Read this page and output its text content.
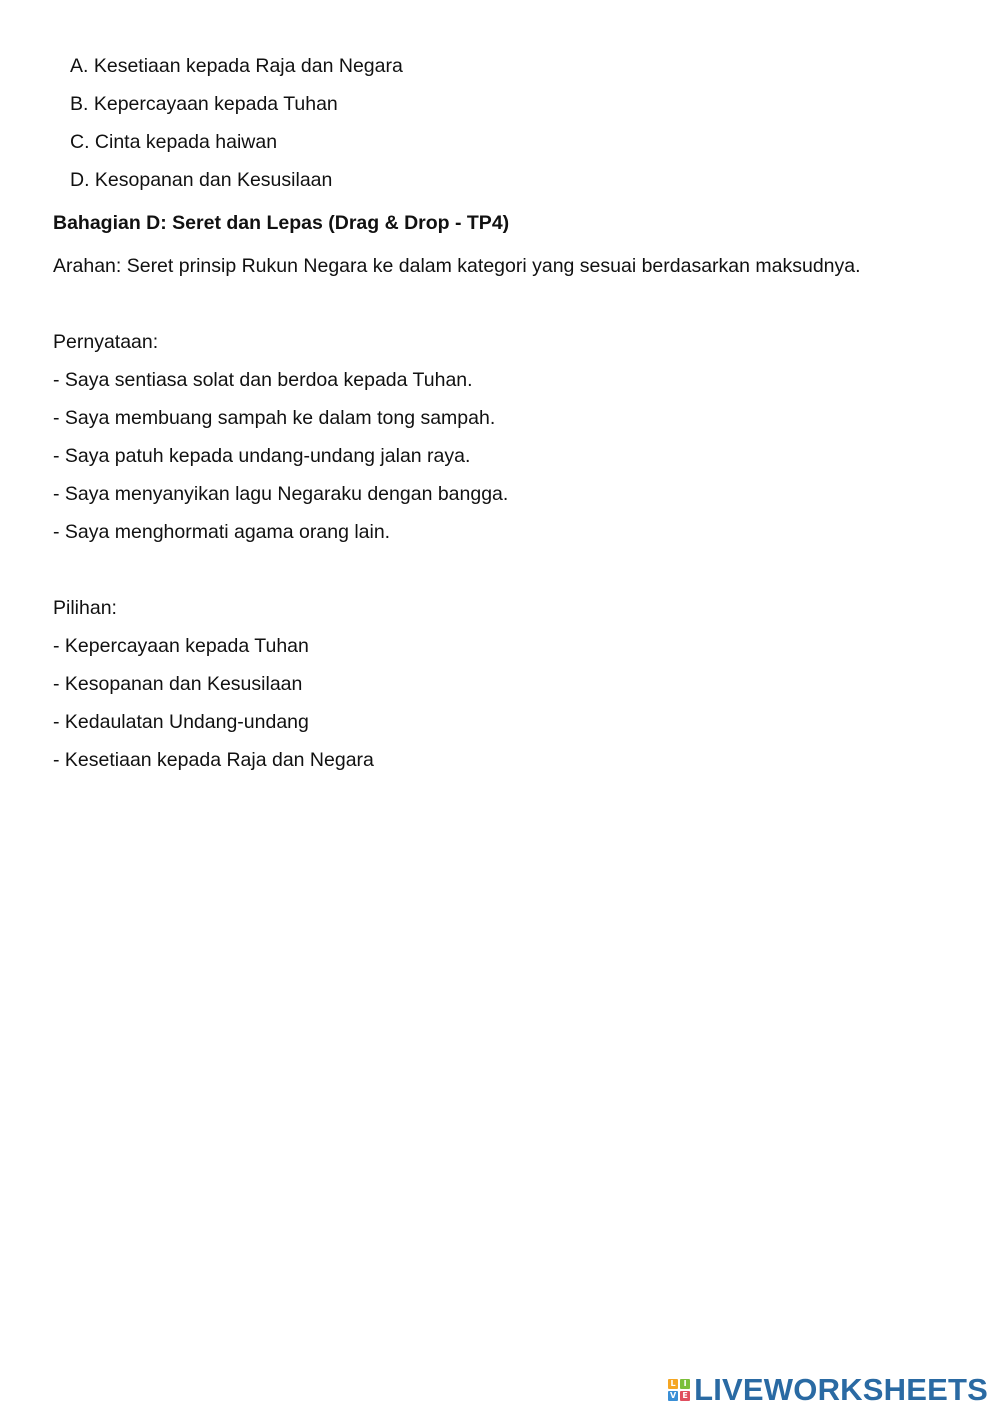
A. Kesetiaan kepada Raja dan Negara
B. Kepercayaan kepada Tuhan
C. Cinta kepada haiwan
D. Kesopanan dan Kesusilaan
Bahagian D: Seret dan Lepas (Drag & Drop - TP4)
Arahan: Seret prinsip Rukun Negara ke dalam kategori yang sesuai berdasarkan maksudnya.
Pernyataan:
- Saya sentiasa solat dan berdoa kepada Tuhan.
- Saya membuang sampah ke dalam tong sampah.
- Saya patuh kepada undang-undang jalan raya.
- Saya menyanyikan lagu Negaraku dengan bangga.
- Saya menghormati agama orang lain.
Pilihan:
- Kepercayaan kepada Tuhan
- Kesopanan dan Kesusilaan
- Kedaulatan Undang-undang
- Kesetiaan kepada Raja dan Negara
L I
V E LIVEWORKSHEETS
